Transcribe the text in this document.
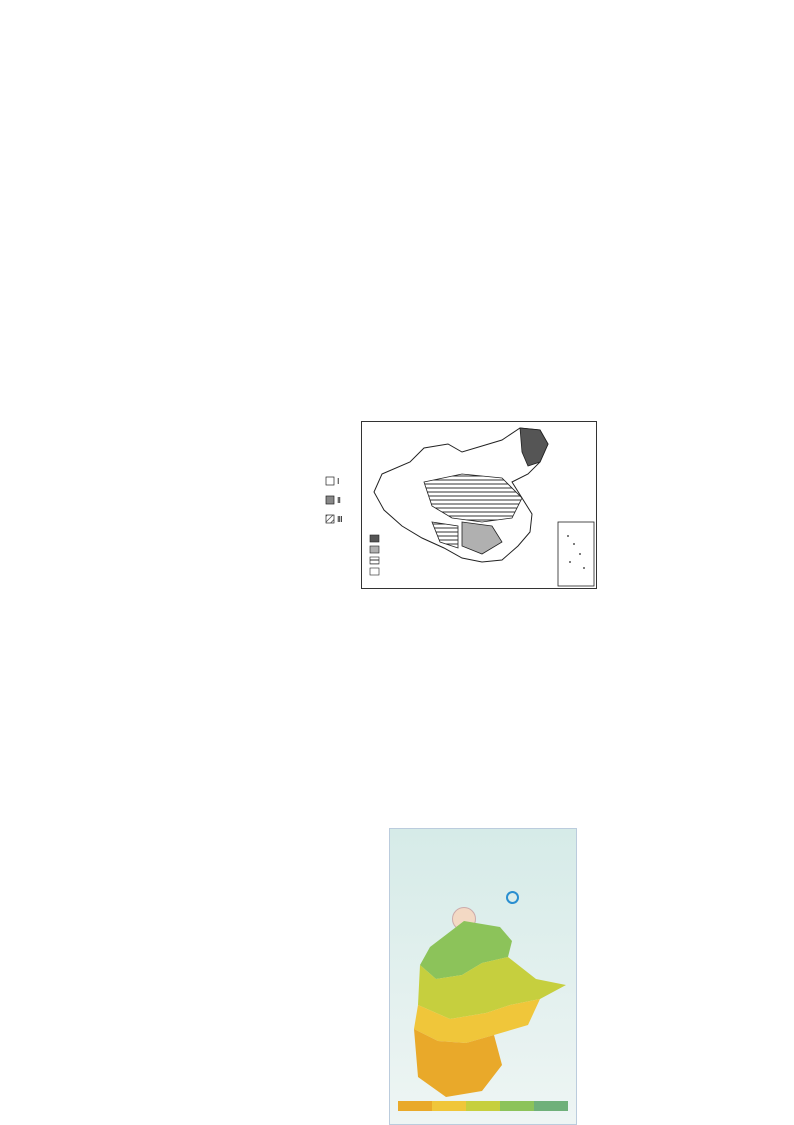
Ⅰ
Ⅱ
Ⅲ
